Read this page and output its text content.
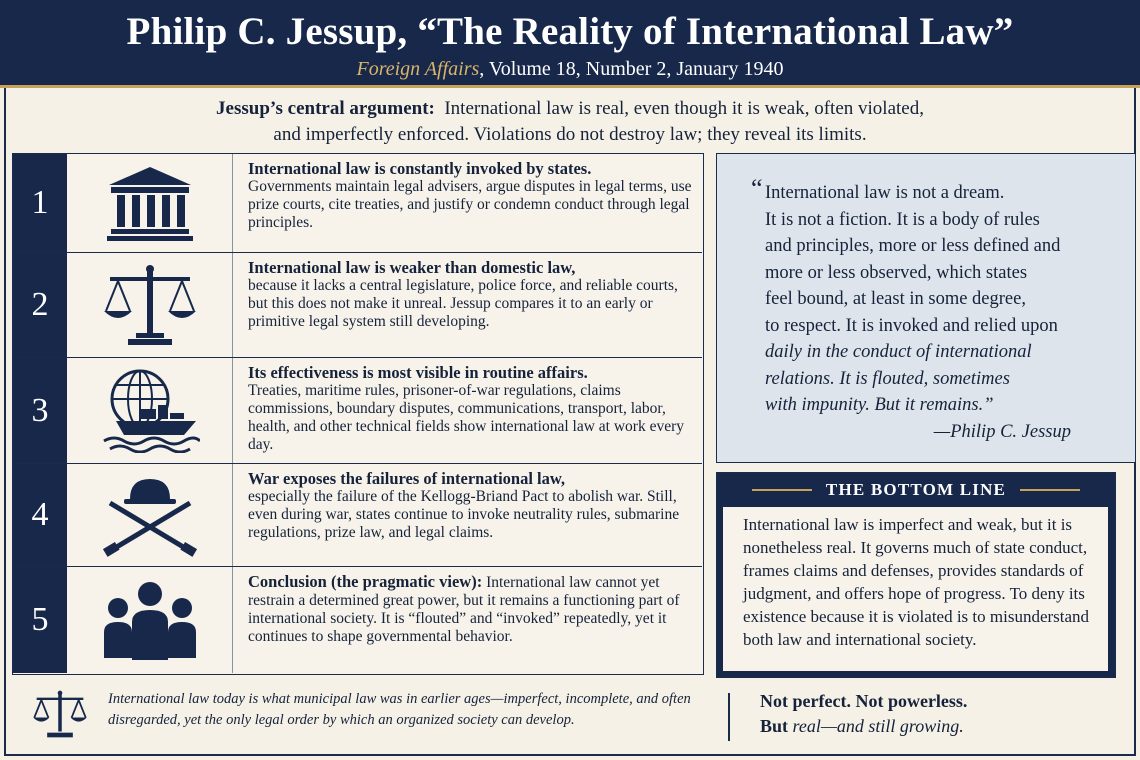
Philip C. Jessup, “The Reality of International Law”
Foreign Affairs, Volume 18, Number 2, January 1940
Jessup’s central argument: International law is real, even though it is weak, often violated,
and imperfectly enforced. Violations do not destroy law; they reveal its limits.
1
International law is constantly invoked by states.
Governments maintain legal advisers, argue disputes in legal terms, use prize courts, cite treaties, and justify or condemn conduct through legal principles.
2
International law is weaker than domestic law,
because it lacks a central legislature, police force, and reliable courts, but this does not make it unreal. Jessup compares it to an early or primitive legal system still developing.
3
Its effectiveness is most visible in routine affairs.
Treaties, maritime rules, prisoner-of-war regulations, claims commissions, boundary disputes, communications, transport, labor, health, and other technical fields show international law at work every day.
4
War exposes the failures of international law,
especially the failure of the Kellogg-Briand Pact to abolish war. Still, even during war, states continue to invoke neutrality rules, submarine regulations, prize law, and legal claims.
5
Conclusion (the pragmatic view): International law cannot yet restrain a determined great power, but it remains a functioning part of international society. It is “flouted” and “invoked” repeatedly, yet it continues to shape governmental behavior.
“ International law is not a dream.
It is not a fiction. It is a body of rules
and principles, more or less defined and
more or less observed, which states
feel bound, at least in some degree,
to respect. It is invoked and relied upon
daily in the conduct of international
relations. It is flouted, sometimes
with impunity. But it remains.”
—Philip C. Jessup
THE BOTTOM LINE
International law is imperfect and weak, but it is nonetheless real. It governs much of state conduct, frames claims and defenses, provides standards of judgment, and offers hope of progress. To deny its existence because it is violated is to misunderstand both law and international society.
International law today is what municipal law was in earlier ages—imperfect, incomplete, and often disregarded, yet the only legal order by which an organized society can develop.
Not perfect. Not powerless.
But real—and still growing.
